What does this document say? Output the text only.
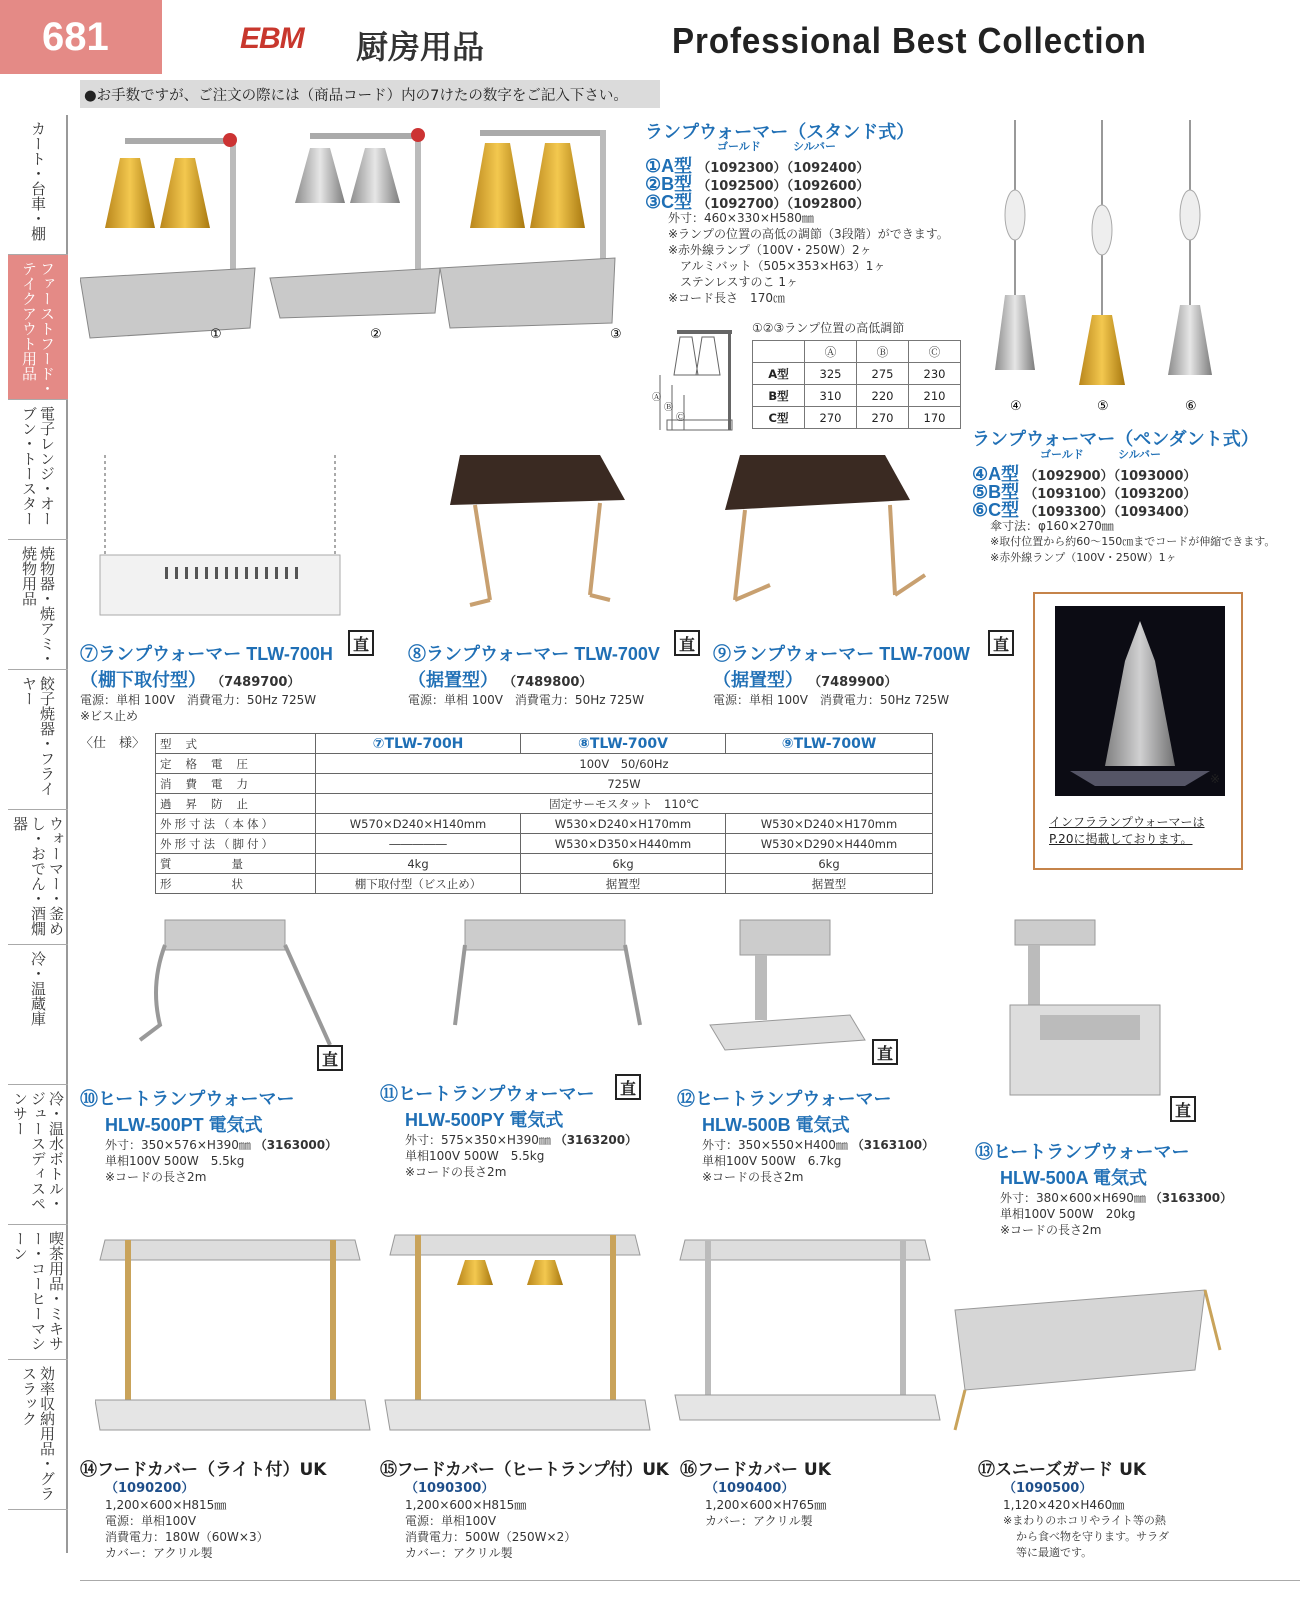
681	EBM 厨房用品	Professional Best Collection
●お手数ですが、ご注文の際には（商品コード）内の7けたの数字をご記入下さい。
カート・台車・棚
ファーストフード・テイクアウト用品
電子レンジ・オーブン・トースター
焼物器・焼アミ・焼物用品
餃子焼器・フライヤー
ウォーマー・釜めし・おでん・酒燗器
冷・温蔵庫
冷・温水ボトル・ジュースディスペンサー
喫茶用品・ミキサー・コーヒーマシーン
効率収納用品・グラスラック
①	②	③
ランプウォーマー（スタンド式）
ゴールド	シルバー
①A型 （1092300）（1092400）
②B型 （1092500）（1092600）
③C型 （1092700）（1092800）
外寸：460×330×H580㎜
※ランプの位置の高低の調節（3段階）ができます。
※赤外線ランプ（100V・250W）2ヶ
　アルミバット（505×353×H63）1ヶ
　ステンレスすのこ 1ヶ
※コード長さ　170㎝
Ⓐ
Ⓑ
Ⓒ
①②③ランプ位置の高低調節
	Ⓐ	Ⓑ	Ⓒ
A型	325	275	230
B型	310	220	210
C型	270	270	170
④	⑤	⑥
ランプウォーマー（ペンダント式）
ゴールド	シルバー
④A型 （1092900）（1093000）
⑤B型 （1093100）（1093200）
⑥C型 （1093300）（1093400）
傘寸法：φ160×270㎜
※取付位置から約60～150㎝までコードが伸縮できます。
※赤外線ランプ（100V・250W）1ヶ
※
インフラランプウォーマーは P.20に掲載しております。
⑦ランプウォーマー TLW-700H
（棚下取付型） （7489700）
電源：単相 100V　消費電力：50Hz 725W
※ビス止め
直 ⑧ランプウォーマー TLW-700V
（据置型） （7489800）
電源：単相 100V　消費電力：50Hz 725W
直 ⑨ランプウォーマー TLW-700W
（据置型） （7489900）
電源：単相 100V　消費電力：50Hz 725W
直
〈仕　様〉 型式	⑦TLW-700H	⑧TLW-700V	⑨TLW-700W
定格電圧	100V　50/60Hz		
消費電力	725W		
過昇防止	固定サーモスタット　110℃		
外形寸法（本体）	W570×D240×H140mm	W530×D240×H170mm	W530×D240×H170mm
外形寸法（脚付）	―――――	W530×D350×H440mm	W530×D290×H440mm
質量	4kg	6kg	6kg
形状	棚下取付型（ビス止め）	据置型	据置型
⑩ヒートランプウォーマー
HLW-500PT 電気式
外寸：350×576×H390㎜ （3163000）
単相100V 500W　5.5kg
※コードの長さ2m
直
⑪ヒートランプウォーマー
HLW-500PY 電気式
外寸：575×350×H390㎜ （3163200）
単相100V 500W　5.5kg
※コードの長さ2m
直
⑫ヒートランプウォーマー
HLW-500B 電気式
外寸：350×550×H400㎜ （3163100）
単相100V 500W　6.7kg
※コードの長さ2m
直
⑬ヒートランプウォーマー
HLW-500A 電気式
外寸：380×600×H690㎜ （3163300）
単相100V 500W　20kg
※コードの長さ2m
直
⑭フードカバー（ライト付）UK
（1090200）
1,200×600×H815㎜
電源：単相100V
消費電力：180W（60W×3）
カバー：アクリル製
⑮フードカバー（ヒートランプ付）UK
（1090300）
1,200×600×H815㎜
電源：単相100V
消費電力：500W（250W×2）
カバー：アクリル製
⑯フードカバー UK
（1090400）
1,200×600×H765㎜
カバー：アクリル製
⑰スニーズガード UK
（1090500）
1,120×420×H460㎜
※まわりのホコリやライト等の熱
から食べ物を守ります。サラダ
等に最適です。
